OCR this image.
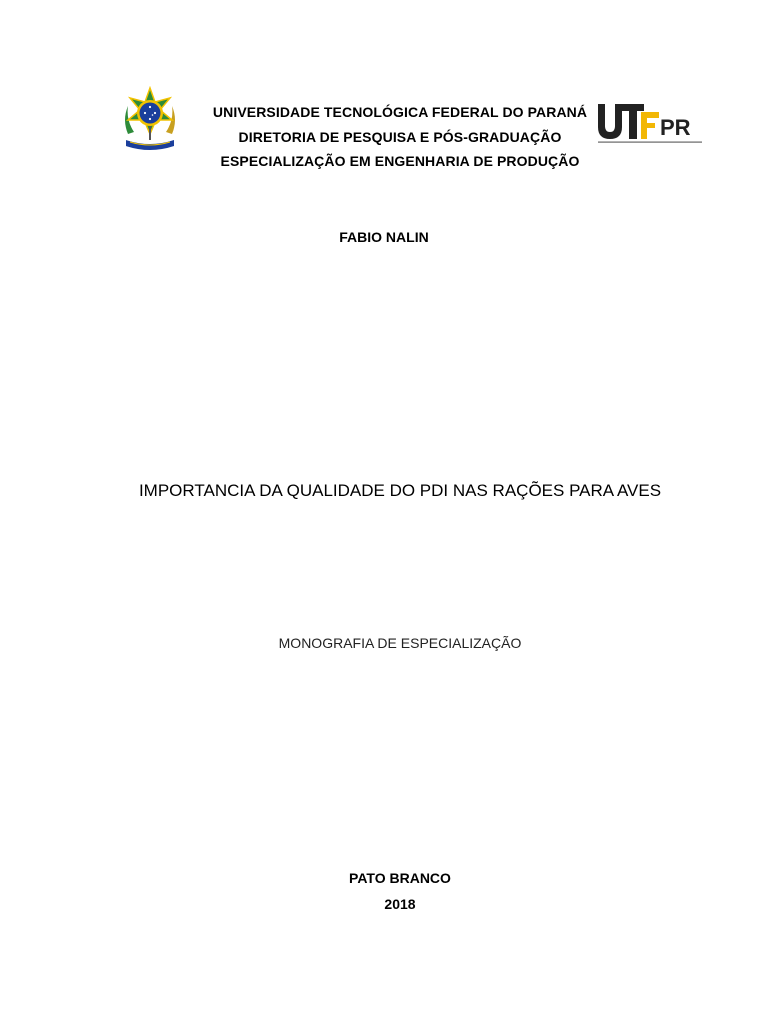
UNIVERSIDADE TECNOLÓGICA FEDERAL DO PARANÁ
DIRETORIA DE PESQUISA E PÓS-GRADUAÇÃO
ESPECIALIZAÇÃO EM ENGENHARIA DE PRODUÇÃO
PR
FABIO NALIN
IMPORTANCIA DA QUALIDADE DO PDI NAS RAÇÕES PARA AVES
MONOGRAFIA DE ESPECIALIZAÇÃO
PATO BRANCO
2018
